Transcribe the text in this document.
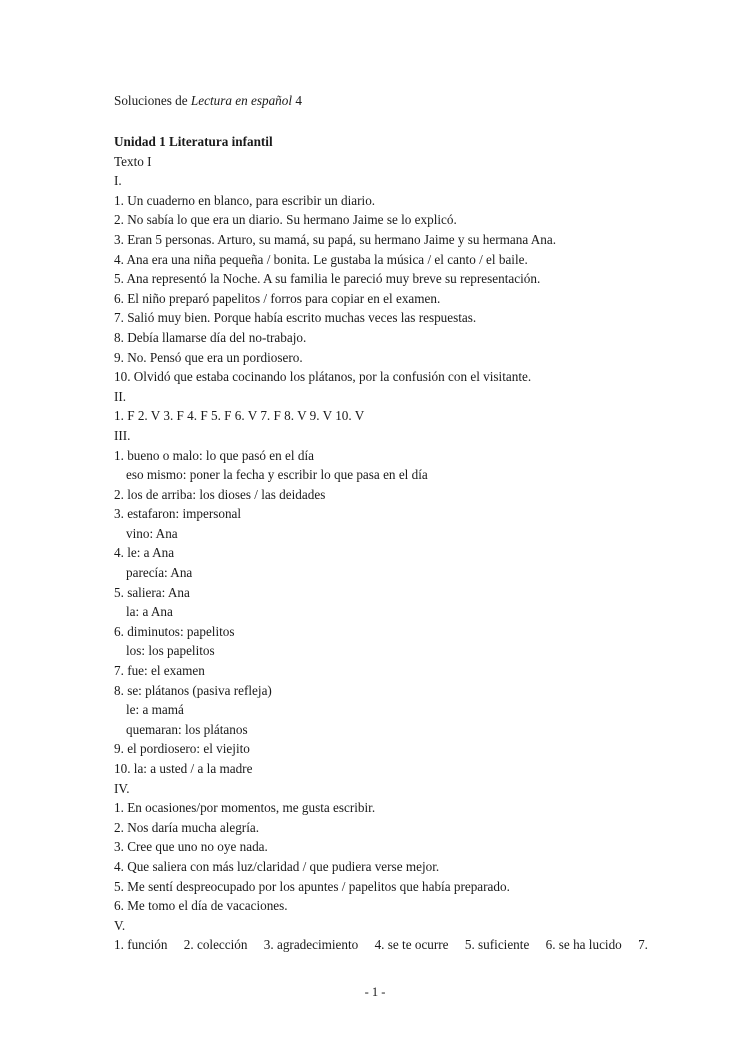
Soluciones de Lectura en español 4
Unidad 1 Literatura infantil
Texto I
I.
1. Un cuaderno en blanco, para escribir un diario.
2. No sabía lo que era un diario. Su hermano Jaime se lo explicó.
3. Eran 5 personas. Arturo, su mamá, su papá, su hermano Jaime y su hermana Ana.
4. Ana era una niña pequeña / bonita. Le gustaba la música / el canto / el baile.
5. Ana representó la Noche. A su familia le pareció muy breve su representación.
6. El niño preparó papelitos / forros para copiar en el examen.
7. Salió muy bien. Porque había escrito muchas veces las respuestas.
8. Debía llamarse día del no-trabajo.
9. No. Pensó que era un pordiosero.
10. Olvidó que estaba cocinando los plátanos, por la confusión con el visitante.
II.
1. F 2. V 3. F 4. F 5. F 6. V 7. F 8. V 9. V 10. V
III.
1. bueno o malo: lo que pasó en el día
eso mismo: poner la fecha y escribir lo que pasa en el día
2. los de arriba: los dioses / las deidades
3. estafaron: impersonal
vino: Ana
4. le: a Ana
parecía: Ana
5. saliera: Ana
la: a Ana
6. diminutos: papelitos
los: los papelitos
7. fue: el examen
8. se: plátanos (pasiva refleja)
le: a mamá
quemaran: los plátanos
9. el pordiosero: el viejito
10. la: a usted / a la madre
IV.
1. En ocasiones/por momentos, me gusta escribir.
2. Nos daría mucha alegría.
3. Cree que uno no oye nada.
4. Que saliera con más luz/claridad / que pudiera verse mejor.
5. Me sentí despreocupado por los apuntes / papelitos que había preparado.
6. Me tomo el día de vacaciones.
V.
1. función 2. colección 3. agradecimiento 4. se te ocurre 5. suficiente 6. se ha lucido 7.
- 1 -
